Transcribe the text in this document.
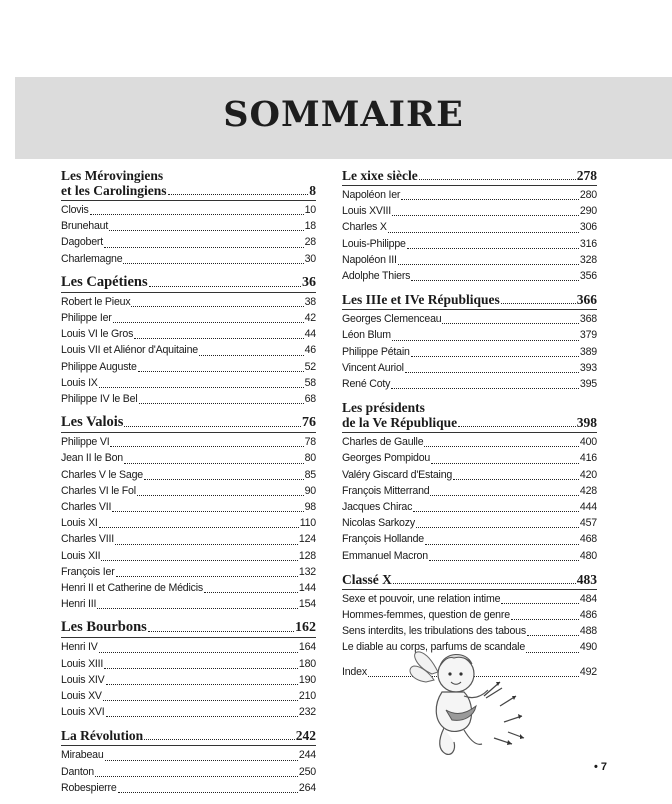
SOMMAIRE
Les Mérovingiens
et les Carolingiens	8
Clovis	10
Brunehaut	18
Dagobert	28
Charlemagne	30
Les Capétiens	36
Robert le Pieux	38
Philippe Ier	42
Louis VI le Gros	44
Louis VII et Aliénor d'Aquitaine	46
Philippe Auguste	52
Louis IX	58
Philippe IV le Bel	68
Les Valois	76
Philippe VI	78
Jean II le Bon	80
Charles V le Sage	85
Charles VI le Fol	90
Charles VII	98
Louis XI	110
Charles VIII	124
Louis XII	128
François Ier	132
Henri II et Catherine de Médicis	144
Henri III	154
Les Bourbons	162
Henri IV	164
Louis XIII	180
Louis XIV	190
Louis XV	210
Louis XVI	232
La Révolution	242
Mirabeau	244
Danton	250
Robespierre	264
Le xixe siècle	278
Napoléon Ier	280
Louis XVIII	290
Charles X	306
Louis-Philippe	316
Napoléon III	328
Adolphe Thiers	356
Les IIIe et IVe Républiques	366
Georges Clemenceau	368
Léon Blum	379
Philippe Pétain	389
Vincent Auriol	393
René Coty	395
Les présidents
de la Ve République	398
Charles de Gaulle	400
Georges Pompidou	416
Valéry Giscard d'Estaing	420
François Mitterrand	428
Jacques Chirac	444
Nicolas Sarkozy	457
François Hollande	468
Emmanuel Macron	480
Classé X	483
Sexe et pouvoir, une relation intime	484
Hommes-femmes, question de genre	486
Sens interdits, les tribulations des tabous	488
Le diable au corps, parfums de scandale	490
Index	492
• 7
